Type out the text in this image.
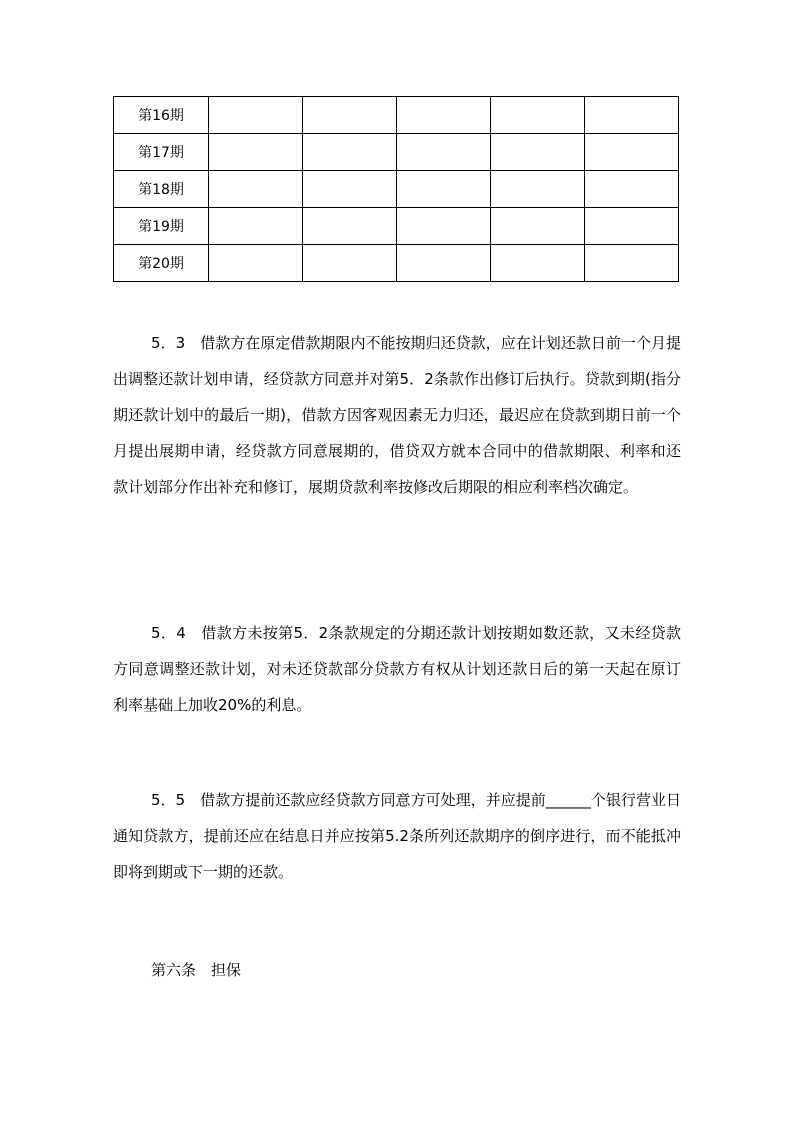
第16期					
第17期					
第18期					
第19期					
第20期					

5．3　借款方在原定借款期限内不能按期归还贷款，应在计划还款日前一个月提出调整还款计划申请，经贷款方同意并对第5．2条款作出修订后执行。贷款到期(指分期还款计划中的最后一期)，借款方因客观因素无力归还，最迟应在贷款到期日前一个月提出展期申请，经贷款方同意展期的，借贷双方就本合同中的借款期限、利率和还款计划部分作出补充和修订，展期贷款利率按修改后期限的相应利率档次确定。

5．4　借款方未按第5．2条款规定的分期还款计划按期如数还款，又未经贷款方同意调整还款计划，对未还贷款部分贷款方有权从计划还款日后的第一天起在原订利率基础上加收20%的利息。

5．5　借款方提前还款应经贷款方同意方可处理，并应提前______个银行营业日通知贷款方，提前还应在结息日并应按第5.2条所列还款期序的倒序进行，而不能抵冲即将到期或下一期的还款。

第六条　担保
